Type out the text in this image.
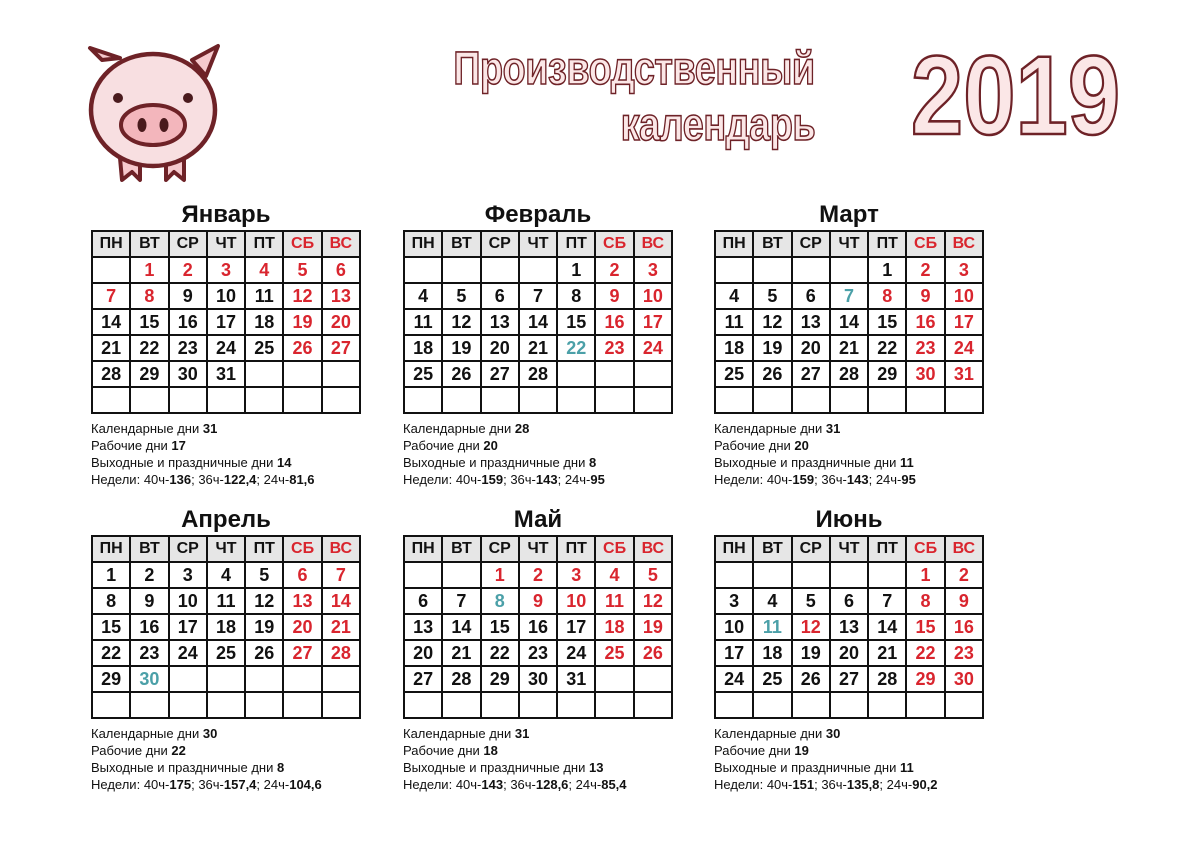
Производственный
календарь 2019
Январь
ПН	ВТ	СР	ЧТ	ПТ	СБ	ВС
	1	2	3	4	5	6
7	8	9	10	11	12	13
14	15	16	17	18	19	20
21	22	23	24	25	26	27
28	29	30	31			

Календарные дни 31
Рабочие дни 17
Выходные и праздничные дни 14
Недели: 40ч-136; 36ч-122,4; 24ч-81,6
Февраль
ПН	ВТ	СР	ЧТ	ПТ	СБ	ВС
				1	2	3
4	5	6	7	8	9	10
11	12	13	14	15	16	17
18	19	20	21	22	23	24
25	26	27	28			

Календарные дни 28
Рабочие дни 20
Выходные и праздничные дни 8
Недели: 40ч-159; 36ч-143; 24ч-95
Март
ПН	ВТ	СР	ЧТ	ПТ	СБ	ВС
				1	2	3
4	5	6	7	8	9	10
11	12	13	14	15	16	17
18	19	20	21	22	23	24
25	26	27	28	29	30	31

Календарные дни 31
Рабочие дни 20
Выходные и праздничные дни 11
Недели: 40ч-159; 36ч-143; 24ч-95
Апрель
ПН	ВТ	СР	ЧТ	ПТ	СБ	ВС
1	2	3	4	5	6	7
8	9	10	11	12	13	14
15	16	17	18	19	20	21
22	23	24	25	26	27	28
29	30					

Календарные дни 30
Рабочие дни 22
Выходные и праздничные дни 8
Недели: 40ч-175; 36ч-157,4; 24ч-104,6
Май
ПН	ВТ	СР	ЧТ	ПТ	СБ	ВС
		1	2	3	4	5
6	7	8	9	10	11	12
13	14	15	16	17	18	19
20	21	22	23	24	25	26
27	28	29	30	31		

Календарные дни 31
Рабочие дни 18
Выходные и праздничные дни 13
Недели: 40ч-143; 36ч-128,6; 24ч-85,4
Июнь
ПН	ВТ	СР	ЧТ	ПТ	СБ	ВС
					1	2
3	4	5	6	7	8	9
10	11	12	13	14	15	16
17	18	19	20	21	22	23
24	25	26	27	28	29	30

Календарные дни 30
Рабочие дни 19
Выходные и праздничные дни 11
Недели: 40ч-151; 36ч-135,8; 24ч-90,2
